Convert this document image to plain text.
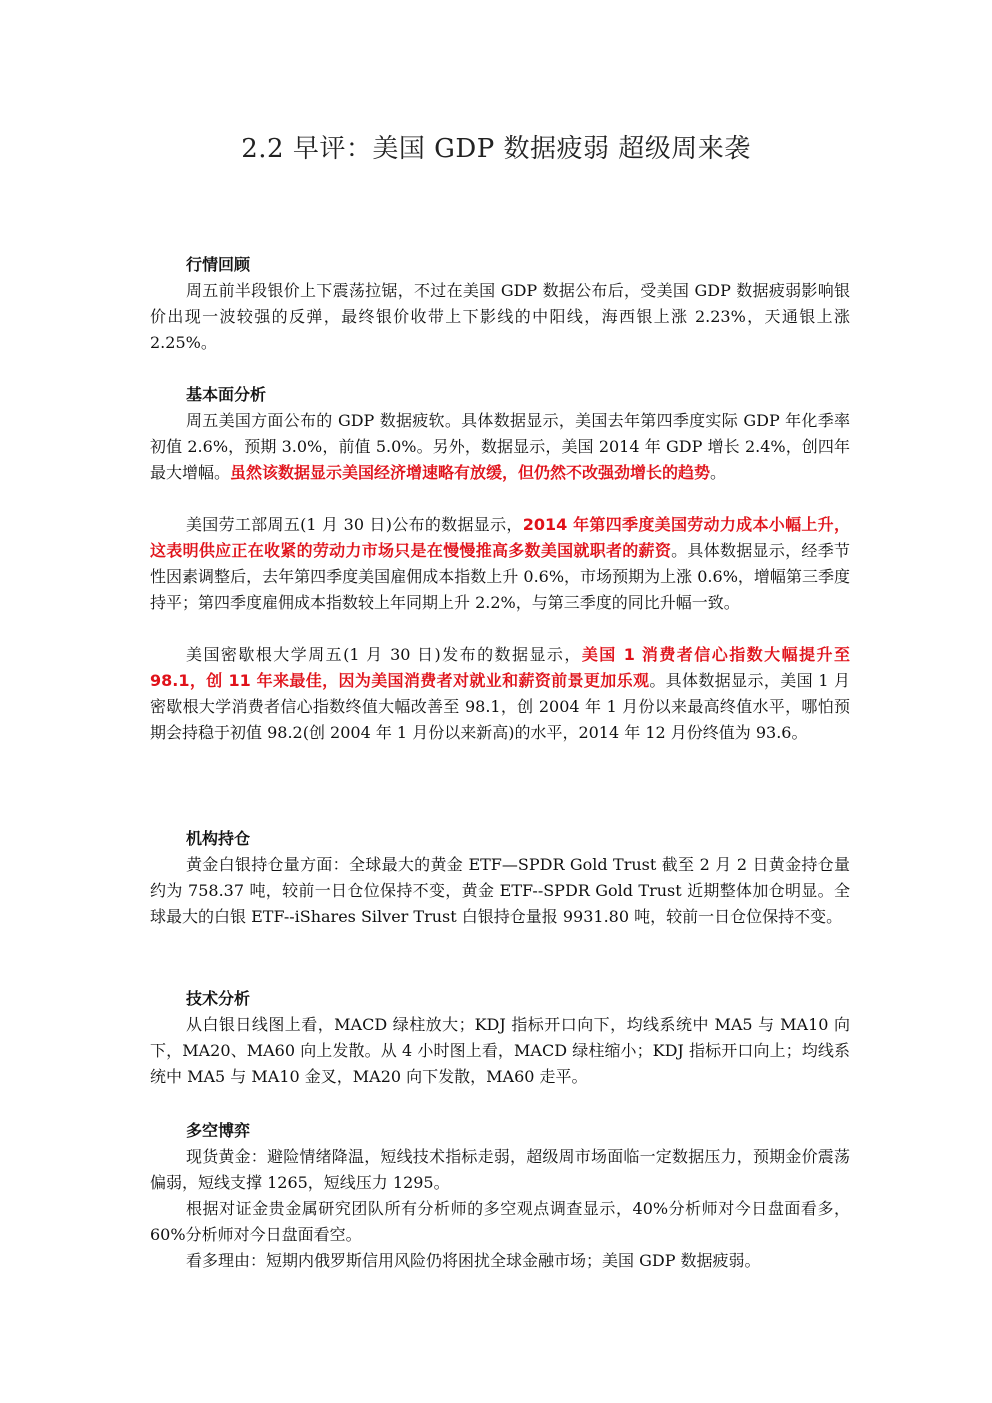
2.2 早评：美国 GDP 数据疲弱 超级周来袭
行情回顾

周五前半段银价上下震荡拉锯，不过在美国 GDP 数据公布后，受美国 GDP 数据疲弱影响银价出现一波较强的反弹，最终银价收带上下影线的中阳线，海西银上涨 2.23%，天通银上涨 2.25%。

基本面分析

周五美国方面公布的 GDP 数据疲软。具体数据显示，美国去年第四季度实际 GDP 年化季率初值 2.6%，预期 3.0%，前值 5.0%。另外，数据显示，美国 2014 年 GDP 增长 2.4%，创四年最大增幅。虽然该数据显示美国经济增速略有放缓，但仍然不改强劲增长的趋势。

美国劳工部周五(1 月 30 日)公布的数据显示，2014 年第四季度美国劳动力成本小幅上升，这表明供应正在收紧的劳动力市场只是在慢慢推高多数美国就职者的薪资。具体数据显示，经季节性因素调整后，去年第四季度美国雇佣成本指数上升 0.6%，市场预期为上涨 0.6%，增幅第三季度持平；第四季度雇佣成本指数较上年同期上升 2.2%，与第三季度的同比升幅一致。

美国密歇根大学周五(1 月 30 日)发布的数据显示，美国 1 消费者信心指数大幅提升至 98.1，创 11 年来最佳，因为美国消费者对就业和薪资前景更加乐观。具体数据显示，美国 1 月密歇根大学消费者信心指数终值大幅改善至 98.1，创 2004 年 1 月份以来最高终值水平，哪怕预期会持稳于初值 98.2(创 2004 年 1 月份以来新高)的水平，2014 年 12 月份终值为 93.6。

机构持仓

黄金白银持仓量方面：全球最大的黄金 ETF—SPDR Gold Trust 截至 2 月 2 日黄金持仓量约为 758.37 吨，较前一日仓位保持不变，黄金 ETF--SPDR Gold Trust 近期整体加仓明显。全球最大的白银 ETF--iShares Silver Trust 白银持仓量报 9931.80 吨，较前一日仓位保持不变。

技术分析

从白银日线图上看，MACD 绿柱放大；KDJ 指标开口向下，均线系统中 MA5 与 MA10 向下，MA20、MA60 向上发散。从 4 小时图上看，MACD 绿柱缩小；KDJ 指标开口向上；均线系统中 MA5 与 MA10 金叉，MA20 向下发散，MA60 走平。

多空博弈

现货黄金：避险情绪降温，短线技术指标走弱，超级周市场面临一定数据压力，预期金价震荡偏弱，短线支撑 1265，短线压力 1295。

根据对证金贵金属研究团队所有分析师的多空观点调查显示，40%分析师对今日盘面看多，60%分析师对今日盘面看空。

看多理由：短期内俄罗斯信用风险仍将困扰全球金融市场；美国 GDP 数据疲弱。
